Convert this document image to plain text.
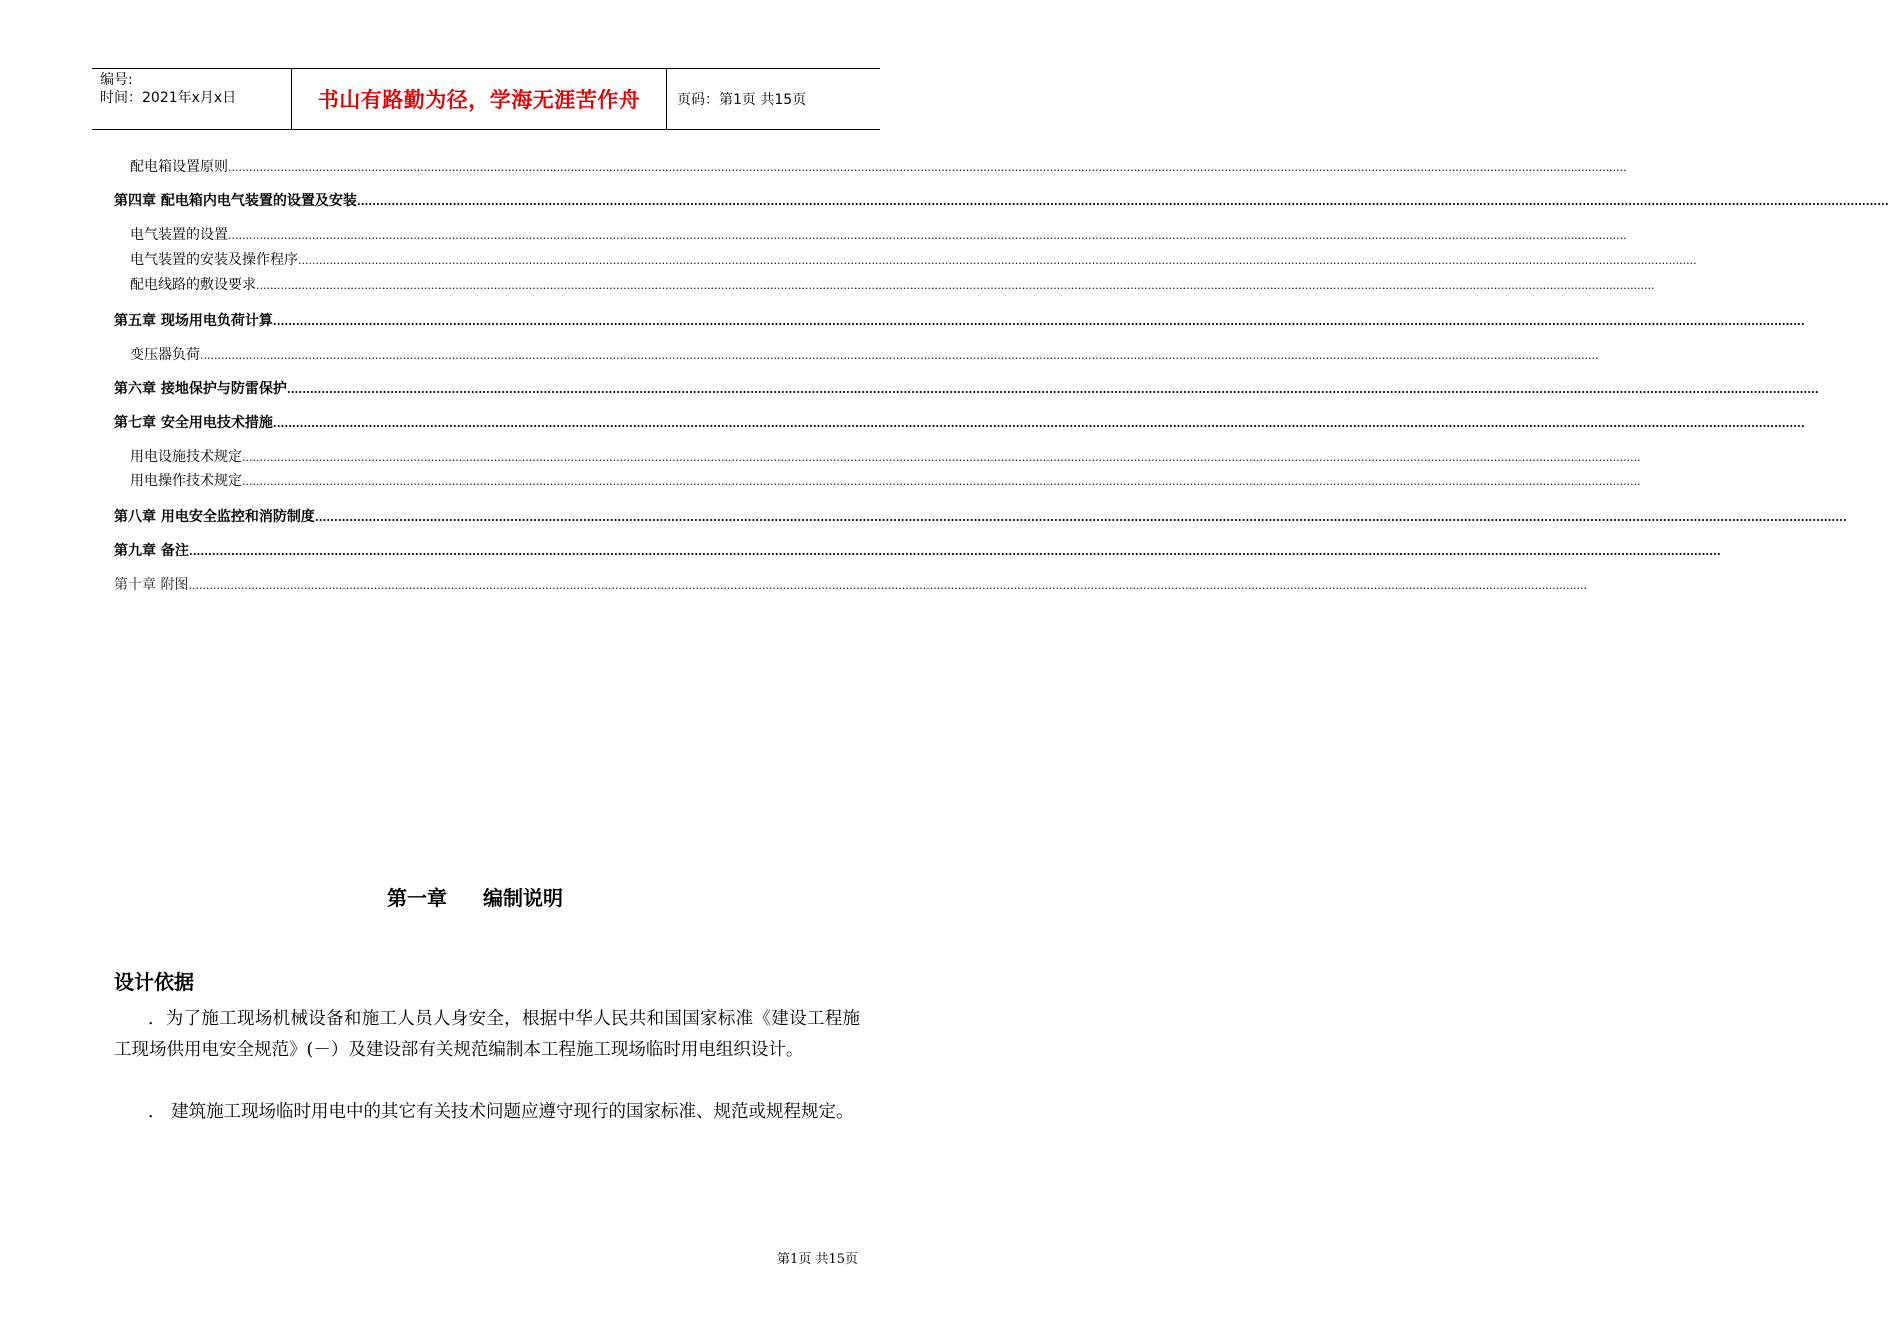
编号:
时间：2021年x月x日	书山有路勤为径，学海无涯苦作舟	页码：第1页 共15页
配电箱设置原则 ................................................................................................................................................................................................................................................................................................................................................................................................................
第四章 配电箱内电气装置的设置及安装 ................................................................................................................................................................................................................................................................................................................................................................................................................
电气装置的设置 ................................................................................................................................................................................................................................................................................................................................................................................................................
电气装置的安装及操作程序 ................................................................................................................................................................................................................................................................................................................................................................................................................
配电线路的敷设要求 ................................................................................................................................................................................................................................................................................................................................................................................................................
第五章 现场用电负荷计算 ................................................................................................................................................................................................................................................................................................................................................................................................................
变压器负荷 ................................................................................................................................................................................................................................................................................................................................................................................................................
第六章 接地保护与防雷保护 ................................................................................................................................................................................................................................................................................................................................................................................................................
第七章 安全用电技术措施 ................................................................................................................................................................................................................................................................................................................................................................................................................
用电设施技术规定 ................................................................................................................................................................................................................................................................................................................................................................................................................
用电操作技术规定 ................................................................................................................................................................................................................................................................................................................................................................................................................
第八章 用电安全监控和消防制度 ................................................................................................................................................................................................................................................................................................................................................................................................................
第九章 备注 ................................................................................................................................................................................................................................................................................................................................................................................................................
第十章 附图 ................................................................................................................................................................................................................................................................................................................................................................................................................
第一章 编制说明
设计依据
．为了施工现场机械设备和施工人员人身安全，根据中华人民共和国国家标准《建设工程施工现场供用电安全规范》(－）及建设部有关规范编制本工程施工现场临时用电组织设计。
． 建筑施工现场临时用电中的其它有关技术问题应遵守现行的国家标准、规范或规程规定。
第1页 共15页
